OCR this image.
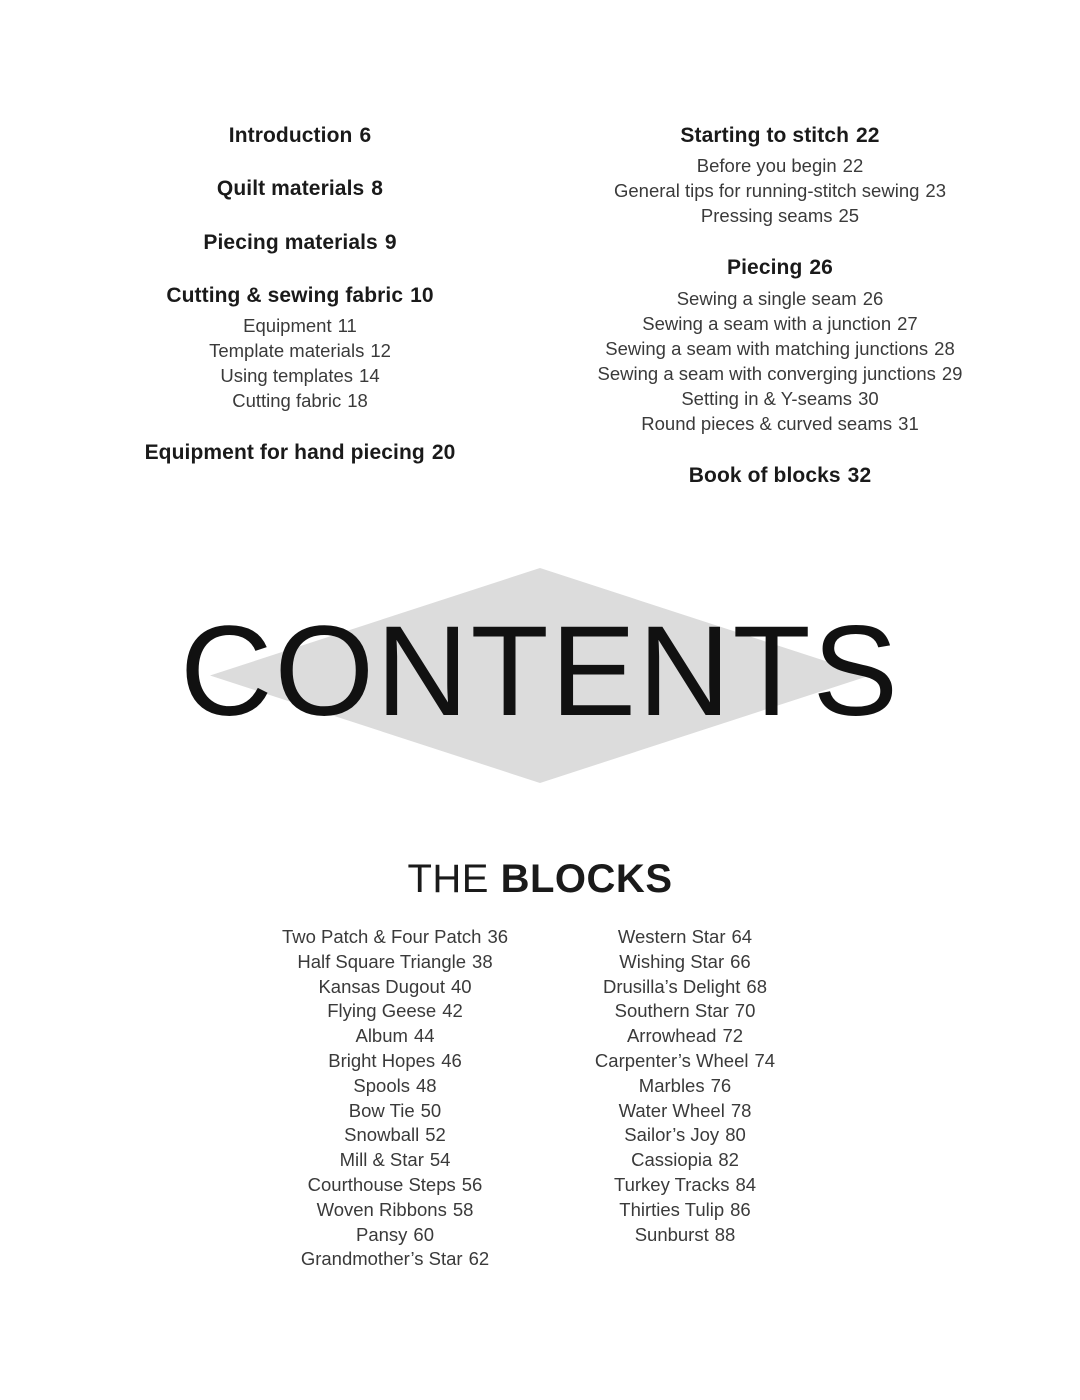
Introduction 6
Quilt materials 8
Piecing materials 9
Cutting & sewing fabric 10
Equipment 11
Template materials 12
Using templates 14
Cutting fabric 18
Equipment for hand piecing 20
Starting to stitch 22
Before you begin 22
General tips for running-stitch sewing 23
Pressing seams 25
Piecing 26
Sewing a single seam 26
Sewing a seam with a junction 27
Sewing a seam with matching junctions 28
Sewing a seam with converging junctions 29
Setting in & Y-seams 30
Round pieces & curved seams 31
Book of blocks 32
CONTENTS
THE BLOCKS
Two Patch & Four Patch 36
Half Square Triangle 38
Kansas Dugout 40
Flying Geese 42
Album 44
Bright Hopes 46
Spools 48
Bow Tie 50
Snowball 52
Mill & Star 54
Courthouse Steps 56
Woven Ribbons 58
Pansy 60
Grandmother’s Star 62
Western Star 64
Wishing Star 66
Drusilla’s Delight 68
Southern Star 70
Arrowhead 72
Carpenter’s Wheel 74
Marbles 76
Water Wheel 78
Sailor’s Joy 80
Cassiopia 82
Turkey Tracks 84
Thirties Tulip 86
Sunburst 88
